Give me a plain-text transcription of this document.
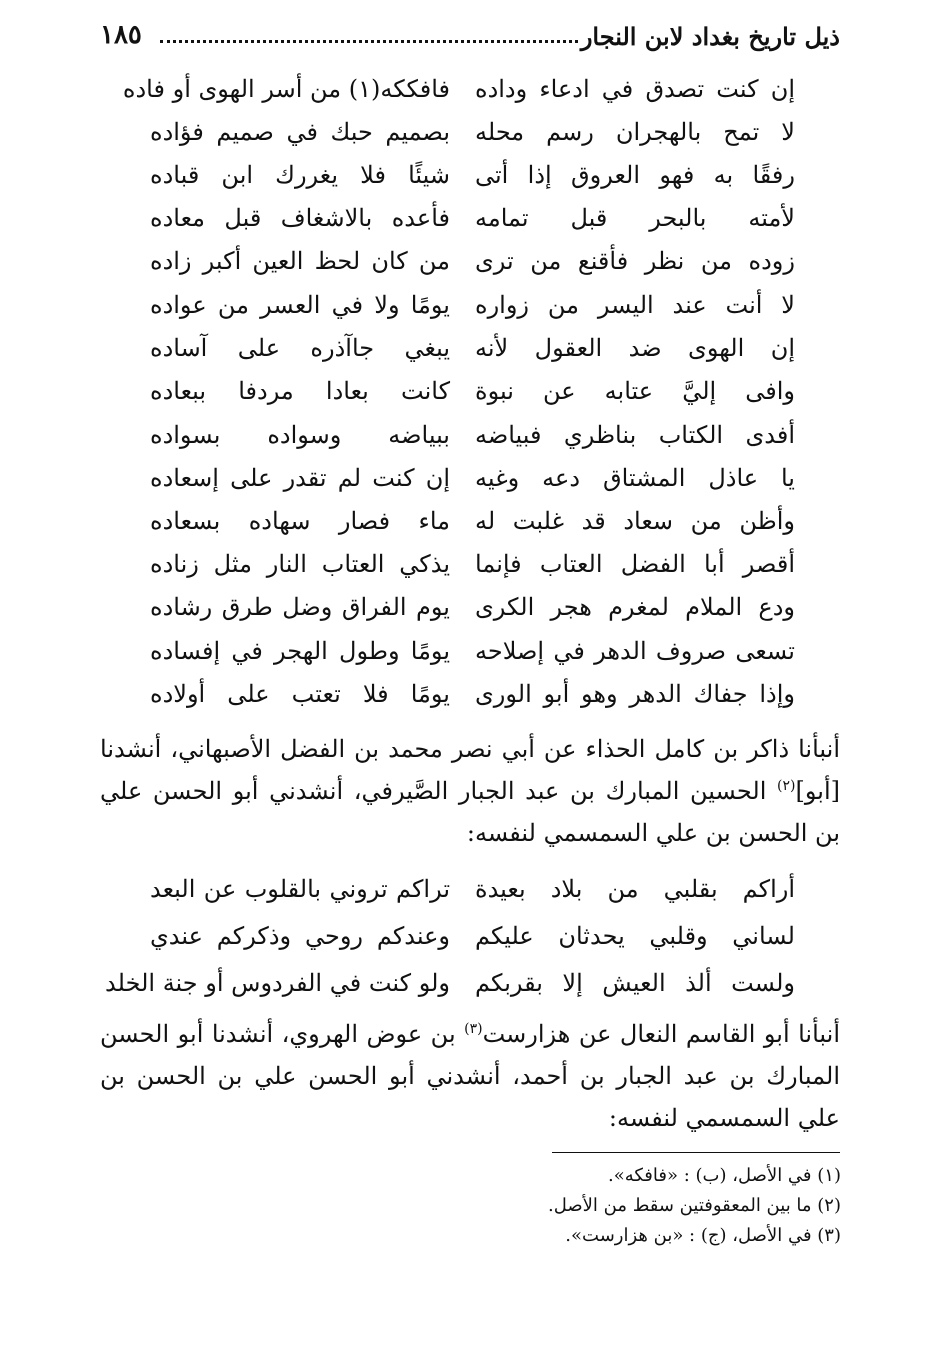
ذيل تاريخ بغداد لابن النجار
١٨٥
إن كنت تصدق في ادعاء وداده
فافككه(١) من أسر الهوى أو فاده
لا تمح بالهجران رسم محله
بصميم حبك في صميم فؤاده
رفقًا به فهو العروق إذا أتى
شيئًا فلا يغررك ابن قباده
لأمته بالبحر قبل تمامه
فأعده بالاشغاف قبل معاده
زوده من نظر فأقنع من ترى
من كان لحظ العين أكبر زاده
لا أنت عند اليسر من زواره
يومًا ولا في العسر من عواده
إن الهوى ضد العقول لأنه
يبغي جاآذره على آساده
وافى إليَّ عتابه عن نبوة
كانت بعادا مردفا ببعاده
أفدى الكتاب بناظري فبياضه
ببياضه وسواده بسواده
يا عاذل المشتاق دعه وغيه
إن كنت لم تقدر على إسعاده
وأظن من سعاد قد غلبت له
ماء فصار سهاده بسعاده
أقصر أبا الفضل العتاب فإنما
يذكي العتاب النار مثل زناده
ودع الملام لمغرم هجر الكرى
يوم الفراق وضل طرق رشاده
تسعى صروف الدهر في إصلاحه
يومًا وطول الهجر في إفساده
وإذا جفاك الدهر وهو أبو الورى
يومًا فلا تعتب على أولاده
أنبأنا ذاكر بن كامل الحذاء عن أبي نصر محمد بن الفضل الأصبهاني، أنشدنا [أبو]$^{(٢)}$ الحسين المبارك بن عبد الجبار الصَّيرفي، أنشدني أبو الحسن علي بن الحسن بن علي السمسمي لنفسه:
أراكم بقلبي من بلاد بعيدة
تراكم تروني بالقلوب عن البعد
لساني وقلبي يحدثان عليكم
وعندكم روحي وذكركم عندي
ولست ألذ العيش إلا بقربكم
ولو كنت في الفردوس أو جنة الخلد
أنبأنا أبو القاسم النعال عن هزارست$^{(٣)}$ بن عوض الهروي، أنشدنا أبو الحسن المبارك بن عبد الجبار بن أحمد، أنشدني أبو الحسن علي بن الحسن بن علي السمسمي لنفسه:
(١) في الأصل، (ب) : «فافكه».
(٢) ما بين المعقوفتين سقط من الأصل.
(٣) في الأصل، (ج) : «بن هزارست».
